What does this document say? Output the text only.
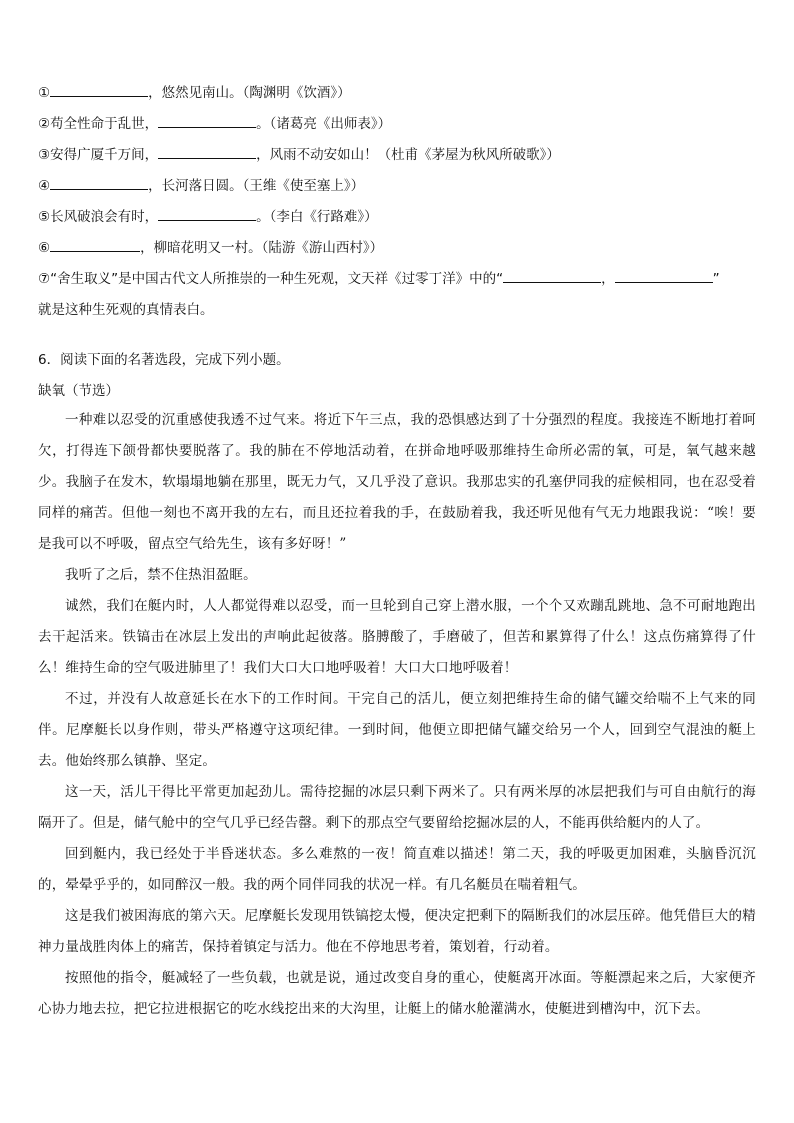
①	，悠然见南山。（陶渊明《饮酒》）
②苟全性命于乱世，	。（诸葛亮《出师表》）
③安得广厦千万间，	，风雨不动安如山！（杜甫《茅屋为秋风所破歌》）
④	，长河落日圆。（王维《使至塞上》）
⑤长风破浪会有时，	。（李白《行路难》）
⑥	，柳暗花明又一村。（陆游《游山西村》）
⑦“舍生取义”是中国古代文人所推崇的一种生死观，文天祥《过零丁洋》中的“	，	”
就是这种生死观的真情表白。
6．阅读下面的名著选段，完成下列小题。
缺氧（节选）
一种难以忍受的沉重感使我透不过气来。将近下午三点，我的恐惧感达到了十分强烈的程度。我接连不断地打着呵欠，打得连下颌骨都快要脱落了。我的肺在不停地活动着，在拼命地呼吸那维持生命所必需的氧，可是，氧气越来越少。我脑子在发木，软塌塌地躺在那里，既无力气，又几乎没了意识。我那忠实的孔塞伊同我的症候相同，也在忍受着同样的痛苦。但他一刻也不离开我的左右，而且还拉着我的手，在鼓励着我，我还听见他有气无力地跟我说：“唉！要是我可以不呼吸，留点空气给先生，该有多好呀！”
我听了之后，禁不住热泪盈眶。
诚然，我们在艇内时，人人都觉得难以忍受，而一旦轮到自己穿上潜水服，一个个又欢蹦乱跳地、急不可耐地跑出去干起活来。铁镐击在冰层上发出的声响此起彼落。胳膊酸了，手磨破了，但苦和累算得了什么！这点伤痛算得了什么！维持生命的空气吸进肺里了！我们大口大口地呼吸着！大口大口地呼吸着！
不过，并没有人故意延长在水下的工作时间。干完自己的活儿，便立刻把维持生命的储气罐交给喘不上气来的同伴。尼摩艇长以身作则，带头严格遵守这项纪律。一到时间，他便立即把储气罐交给另一个人，回到空气混浊的艇上去。他始终那么镇静、坚定。
这一天，活儿干得比平常更加起劲儿。需待挖掘的冰层只剩下两米了。只有两米厚的冰层把我们与可自由航行的海隔开了。但是，储气舱中的空气几乎已经告罄。剩下的那点空气要留给挖掘冰层的人，不能再供给艇内的人了。
回到艇内，我已经处于半昏迷状态。多么难熬的一夜！简直难以描述！第二天，我的呼吸更加困难，头脑昏沉沉的，晕晕乎乎的，如同醉汉一般。我的两个同伴同我的状况一样。有几名艇员在喘着粗气。
这是我们被困海底的第六天。尼摩艇长发现用铁镐挖太慢，便决定把剩下的隔断我们的冰层压碎。他凭借巨大的精神力量战胜肉体上的痛苦，保持着镇定与活力。他在不停地思考着，策划着，行动着。
按照他的指令，艇减轻了一些负载，也就是说，通过改变自身的重心，使艇离开冰面。等艇漂起来之后，大家便齐心协力地去拉，把它拉进根据它的吃水线挖出来的大沟里，让艇上的储水舱灌满水，使艇进到槽沟中，沉下去。
